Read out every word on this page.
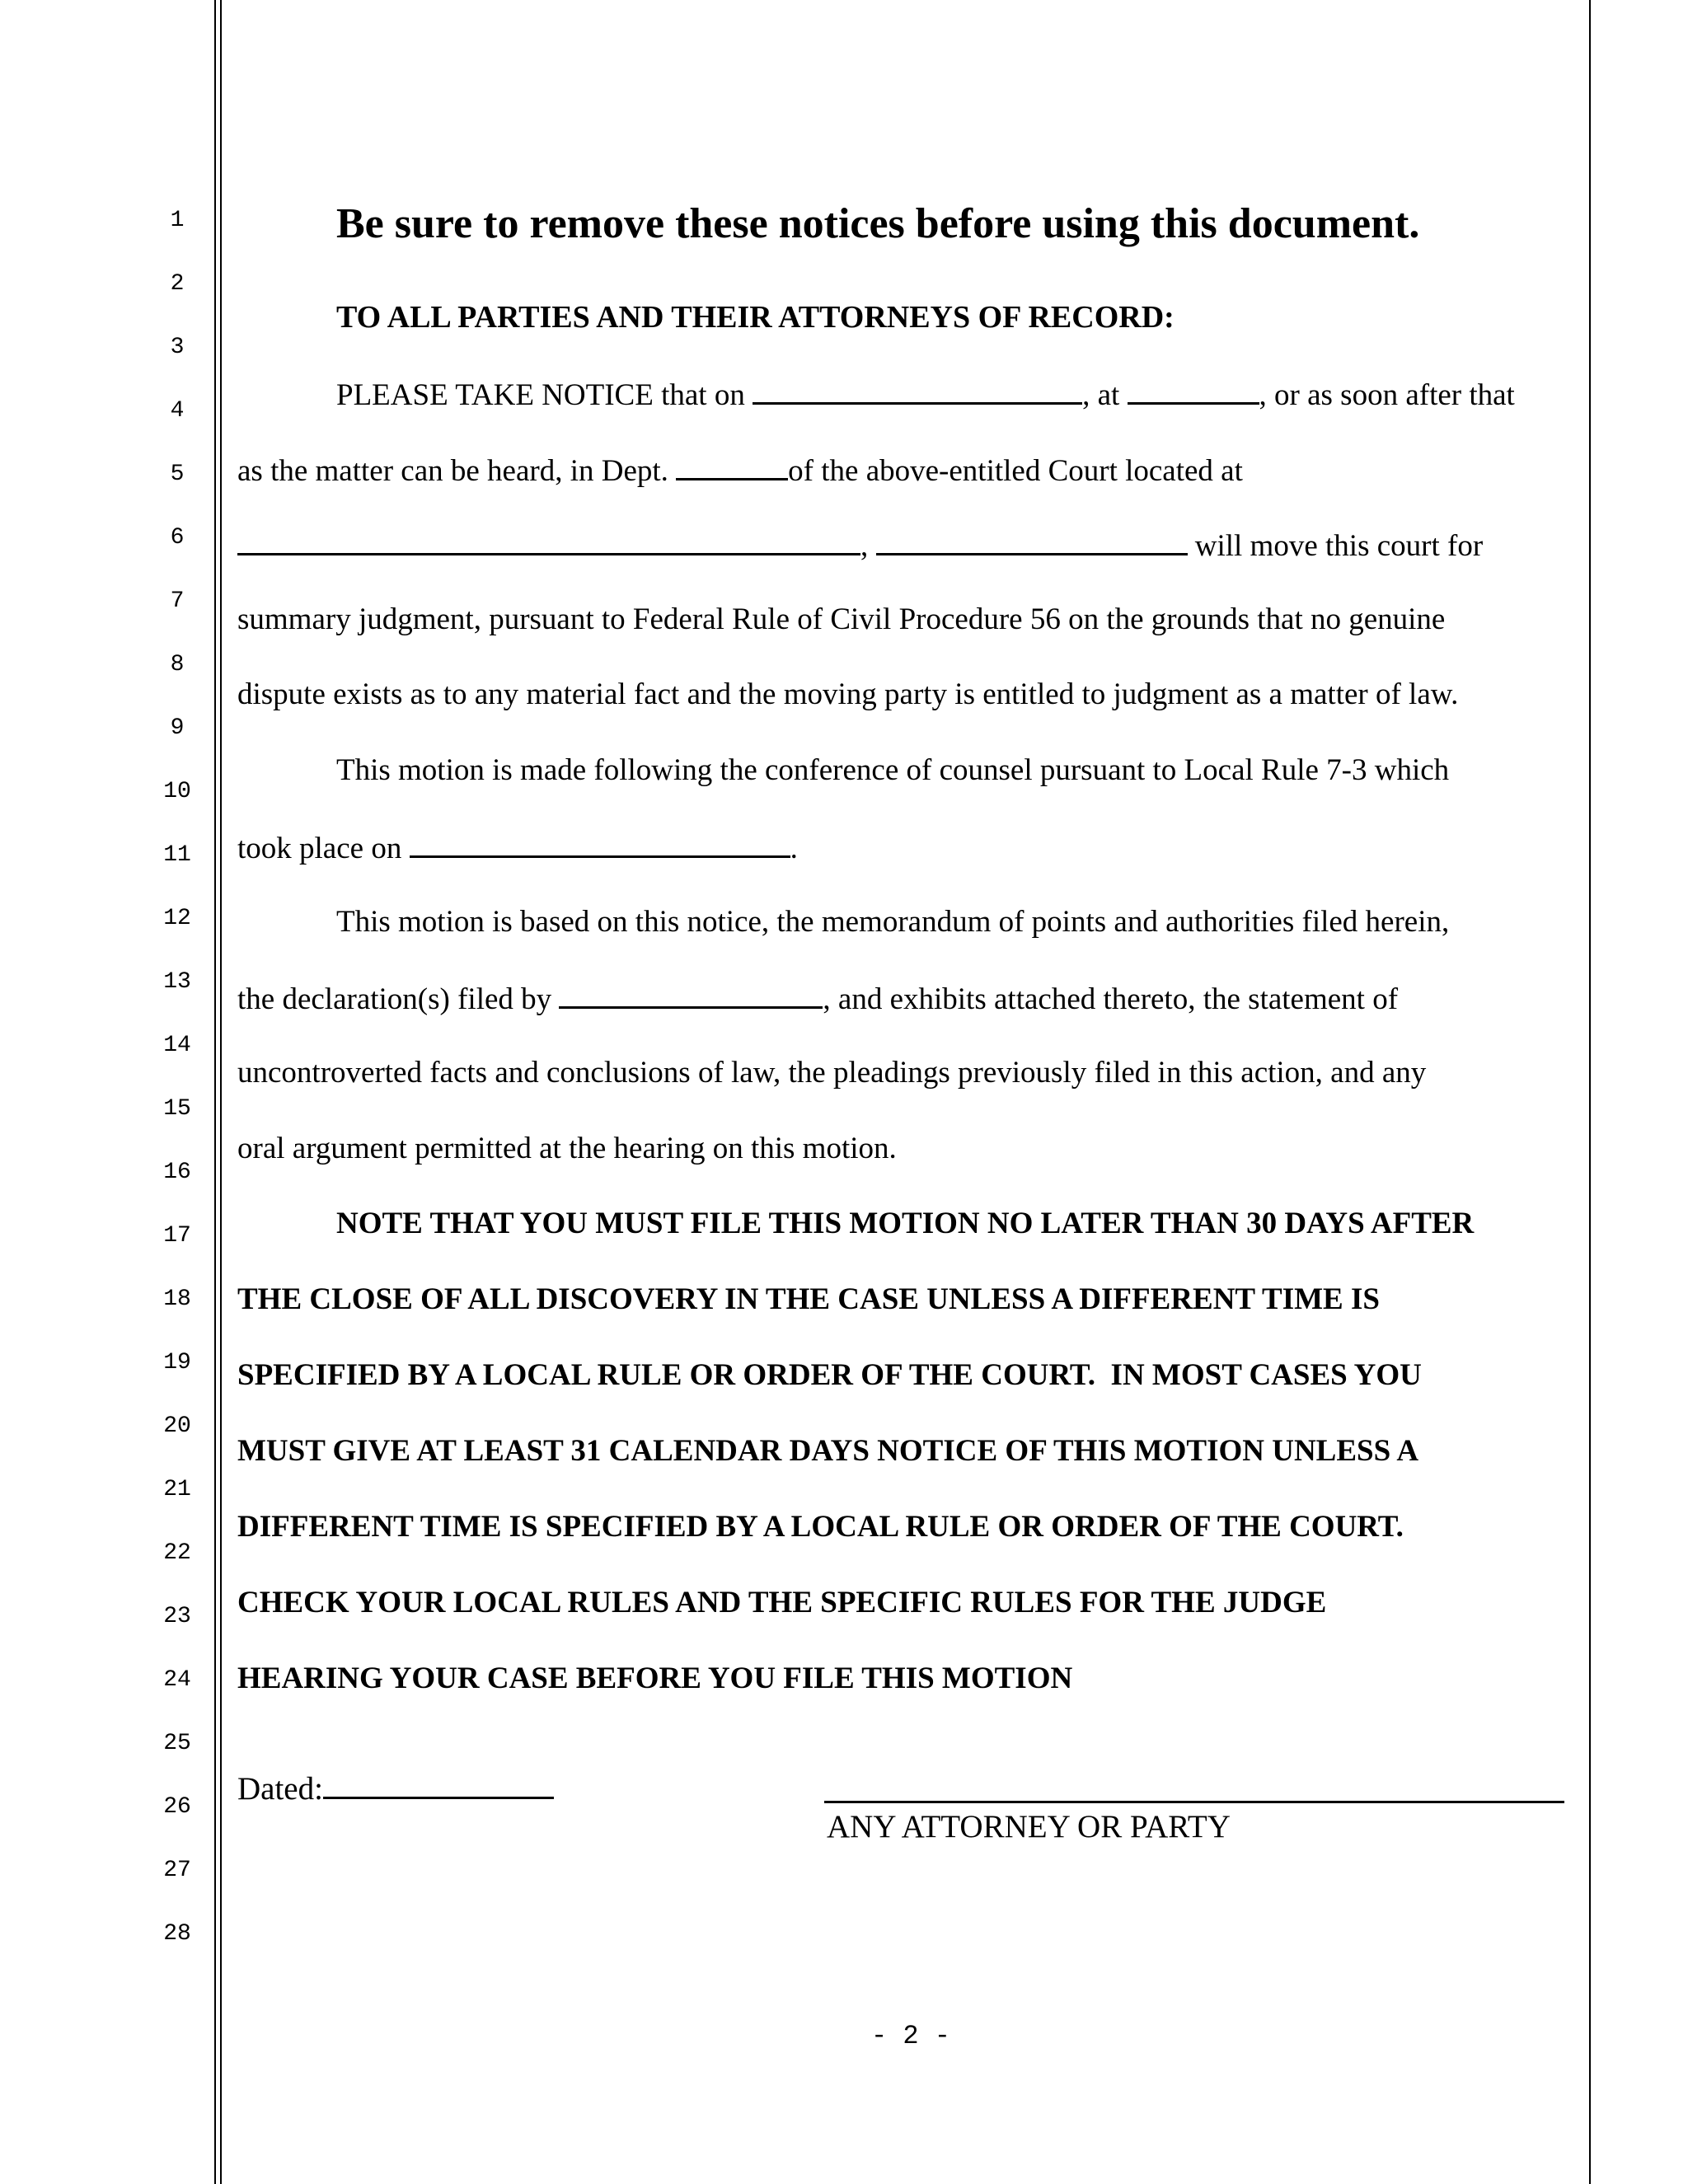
1
2
3
4
5
6
7
8
9
10
11
12
13
14
15
16
17
18
19
20
21
22
23
24
25
26
27
28
Be sure to remove these notices before using this document.
TO ALL PARTIES AND THEIR ATTORNEYS OF RECORD:
PLEASE TAKE NOTICE that on	, at	, or as soon after that
as the matter can be heard, in Dept.	of the above-entitled Court located at
,	will move this court for
summary judgment, pursuant to Federal Rule of Civil Procedure 56 on the grounds that no genuine
dispute exists as to any material fact and the moving party is entitled to judgment as a matter of law.
This motion is made following the conference of counsel pursuant to Local Rule 7-3 which
took place on	.
This motion is based on this notice, the memorandum of points and authorities filed herein,
the declaration(s) filed by	, and exhibits attached thereto, the statement of
uncontroverted facts and conclusions of law, the pleadings previously filed in this action, and any
oral argument permitted at the hearing on this motion.
NOTE THAT YOU MUST FILE THIS MOTION NO LATER THAN 30 DAYS AFTER
THE CLOSE OF ALL DISCOVERY IN THE CASE UNLESS A DIFFERENT TIME IS
SPECIFIED BY A LOCAL RULE OR ORDER OF THE COURT.  IN MOST CASES YOU
MUST GIVE AT LEAST 31 CALENDAR DAYS NOTICE OF THIS MOTION UNLESS A
DIFFERENT TIME IS SPECIFIED BY A LOCAL RULE OR ORDER OF THE COURT.
CHECK YOUR LOCAL RULES AND THE SPECIFIC RULES FOR THE JUDGE
HEARING YOUR CASE BEFORE YOU FILE THIS MOTION
Dated:
ANY ATTORNEY OR PARTY
- 2 -
